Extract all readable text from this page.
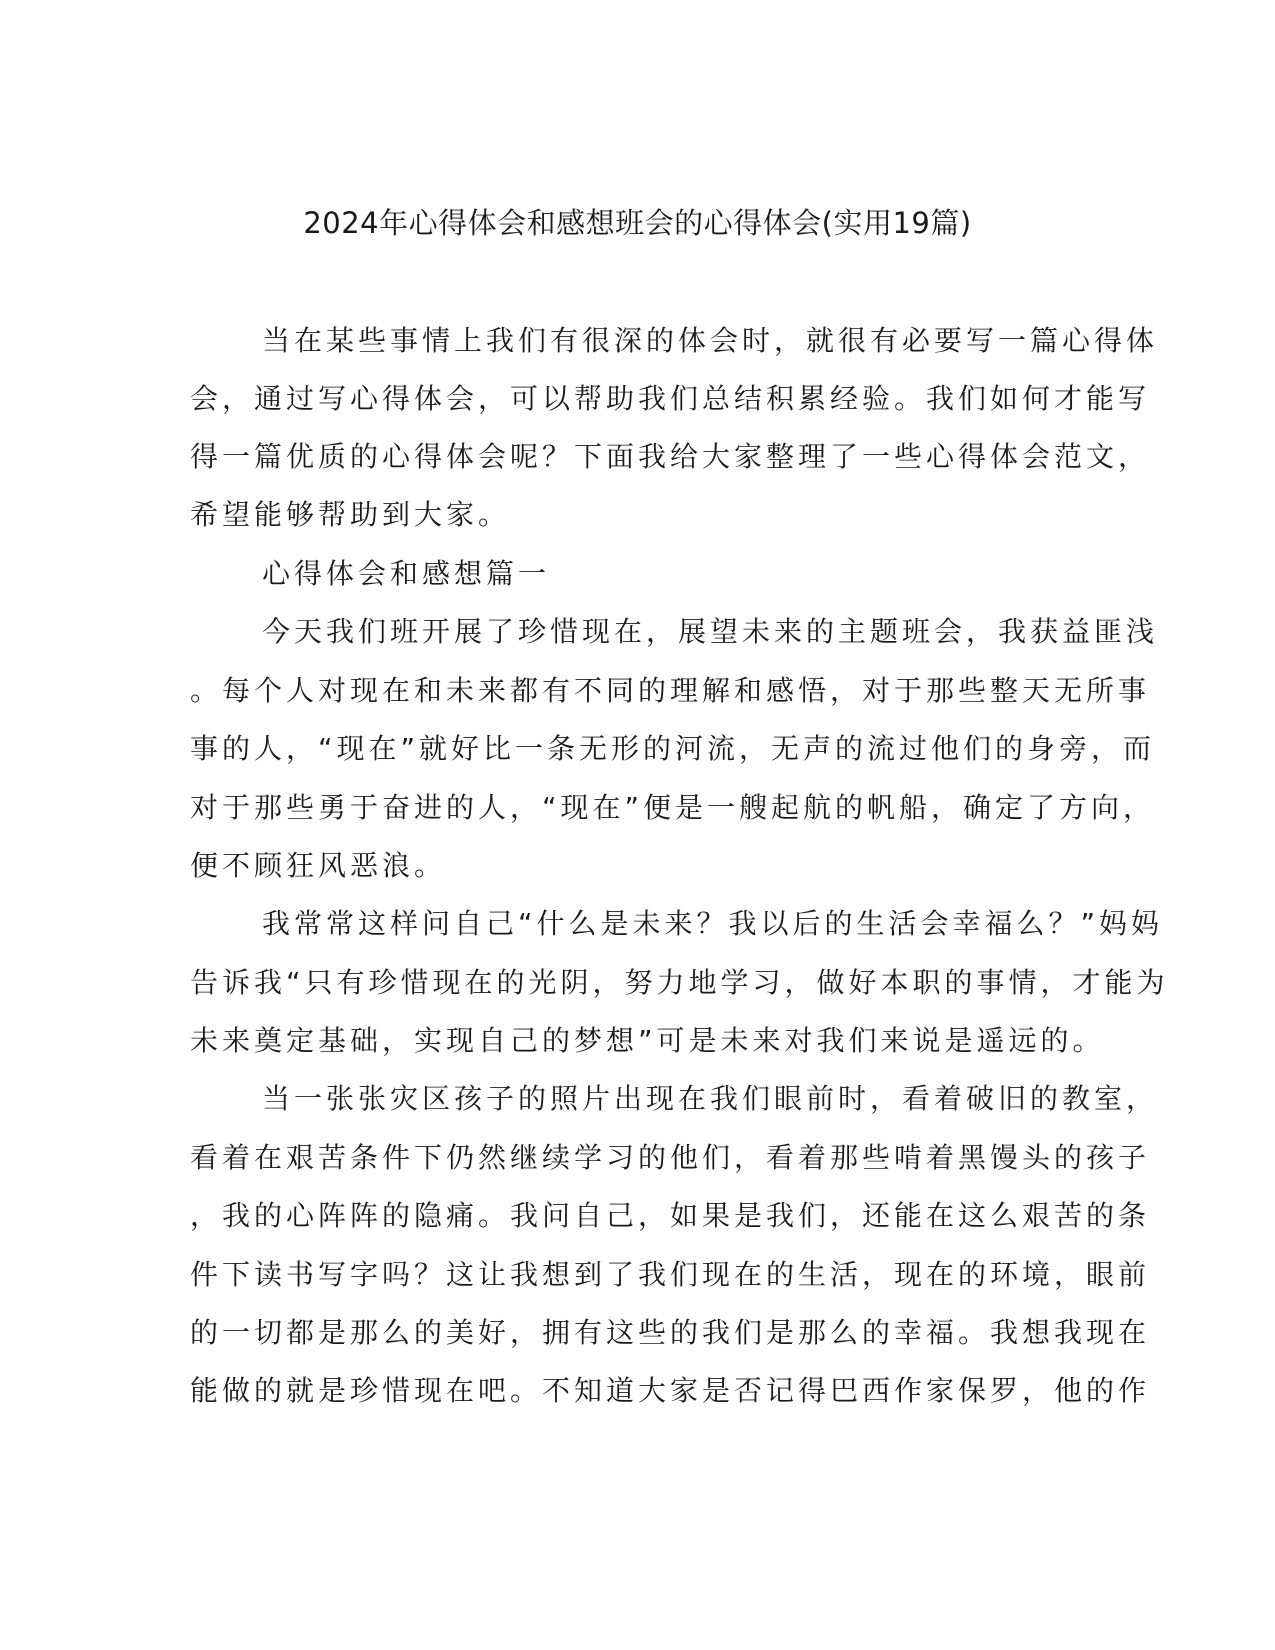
2024年心得体会和感想班会的心得体会(实用19篇)

当在某些事情上我们有很深的体会时，就很有必要写一篇心得体

会，通过写心得体会，可以帮助我们总结积累经验。我们如何才能写

得一篇优质的心得体会呢？下面我给大家整理了一些心得体会范文，

希望能够帮助到大家。

心得体会和感想篇一

今天我们班开展了珍惜现在，展望未来的主题班会，我获益匪浅

。每个人对现在和未来都有不同的理解和感悟，对于那些整天无所事

事的人，“现在”就好比一条无形的河流，无声的流过他们的身旁，而

对于那些勇于奋进的人，“现在”便是一艘起航的帆船，确定了方向，

便不顾狂风恶浪。

我常常这样问自己“什么是未来？我以后的生活会幸福么？”妈妈

告诉我“只有珍惜现在的光阴，努力地学习，做好本职的事情，才能为

未来奠定基础，实现自己的梦想”可是未来对我们来说是遥远的。

当一张张灾区孩子的照片出现在我们眼前时，看着破旧的教室，

看着在艰苦条件下仍然继续学习的他们，看着那些啃着黑馒头的孩子

，我的心阵阵的隐痛。我问自己，如果是我们，还能在这么艰苦的条

件下读书写字吗？这让我想到了我们现在的生活，现在的环境，眼前

的一切都是那么的美好，拥有这些的我们是那么的幸福。我想我现在

能做的就是珍惜现在吧。不知道大家是否记得巴西作家保罗，他的作
